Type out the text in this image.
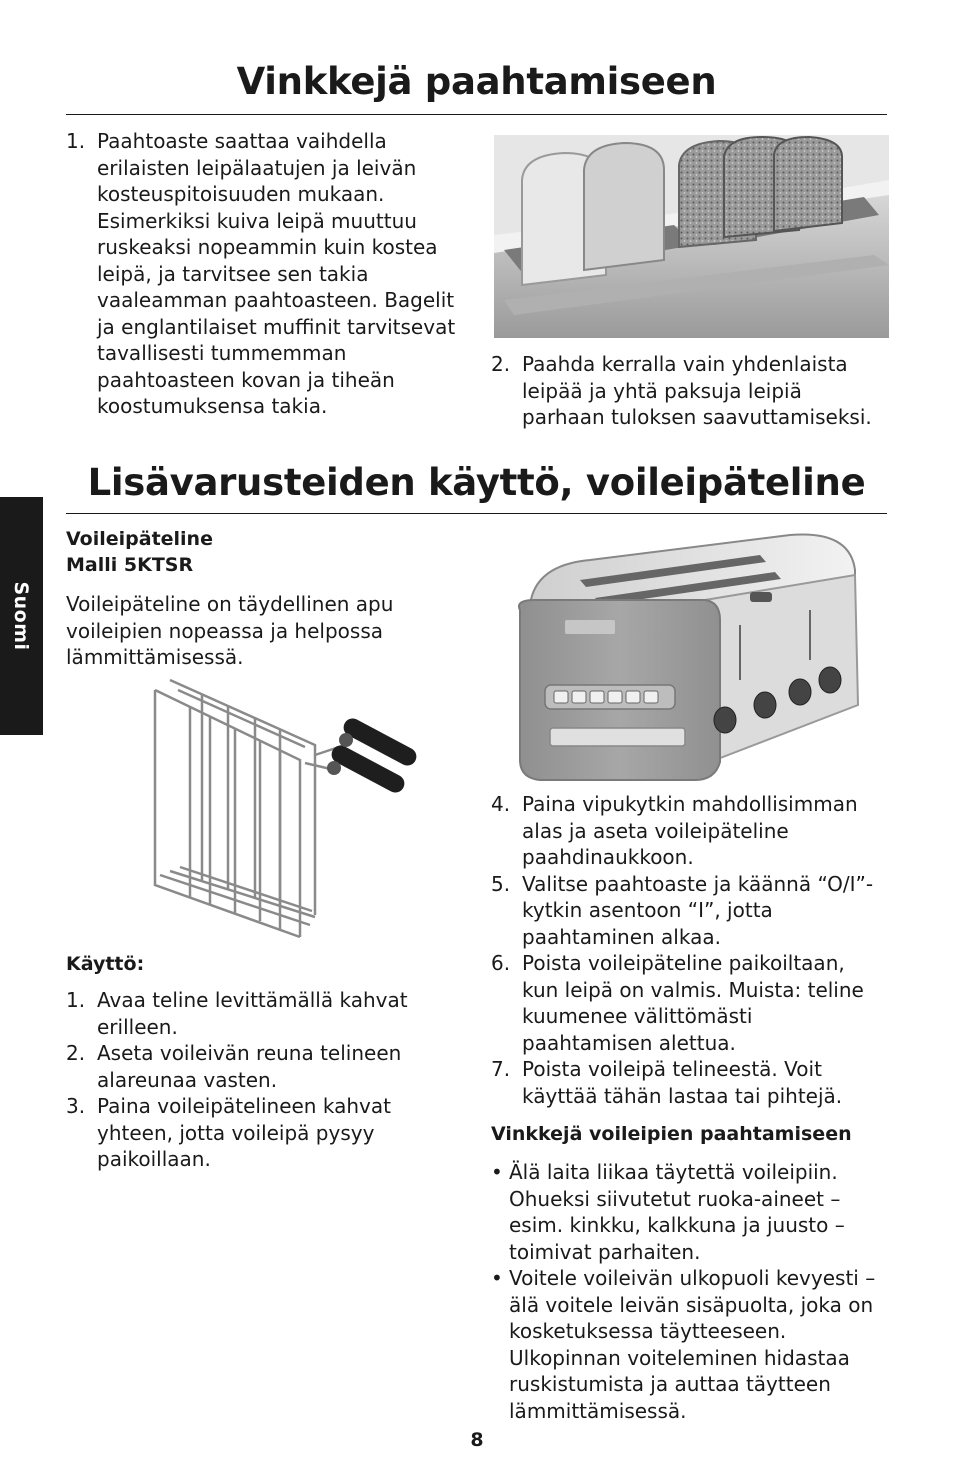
Suomi
Vinkkejä paahtamiseen
1. Paahtoaste saattaa vaihdella erilaisten leipälaatujen ja leivän kosteuspitoisuuden mukaan. Esimerkiksi kuiva leipä muuttuu ruskeaksi nopeammin kuin kostea leipä, ja tarvitsee sen takia vaaleamman paahtoasteen. Bagelit ja englantilaiset muffinit tarvitsevat tavallisesti tummemman paahtoasteen kovan ja tiheän koostumuksensa takia.
2. Paahda kerralla vain yhdenlaista leipää ja yhtä paksuja leipiä parhaan tuloksen saavuttamiseksi.
Lisävarusteiden käyttö, voileipäteline
Voileipäteline
Malli 5KTSR

Voileipäteline on täydellinen apu voileipien nopeassa ja helpossa lämmittämisessä.

Käyttö:
1. Avaa teline levittämällä kahvat erilleen.
2. Aseta voileivän reuna telineen alareunaa vasten.
3. Paina voileipätelineen kahvat yhteen, jotta voileipä pysyy paikoillaan.
4. Paina vipukytkin mahdollisimman alas ja aseta voileipäteline paahdinaukkoon.
5. Valitse paahtoaste ja käännä “O/I”-kytkin asentoon “I”, jotta paahtaminen alkaa.
6. Poista voileipäteline paikoiltaan, kun leipä on valmis. Muista: teline kuumenee välittömästi paahtamisen alettua.
7. Poista voileipä telineestä. Voit käyttää tähän lastaa tai pihtejä.
Vinkkejä voileipien paahtamiseen
• Älä laita liikaa täytettä voileipiin. Ohueksi siivutetut ruoka-aineet – esim. kinkku, kalkkuna ja juusto – toimivat parhaiten.
• Voitele voileivän ulkopuoli kevyesti – älä voitele leivän sisäpuolta, joka on kosketuksessa täytteeseen. Ulkopinnan voiteleminen hidastaa ruskistumista ja auttaa täytteen lämmittämisessä.
8
